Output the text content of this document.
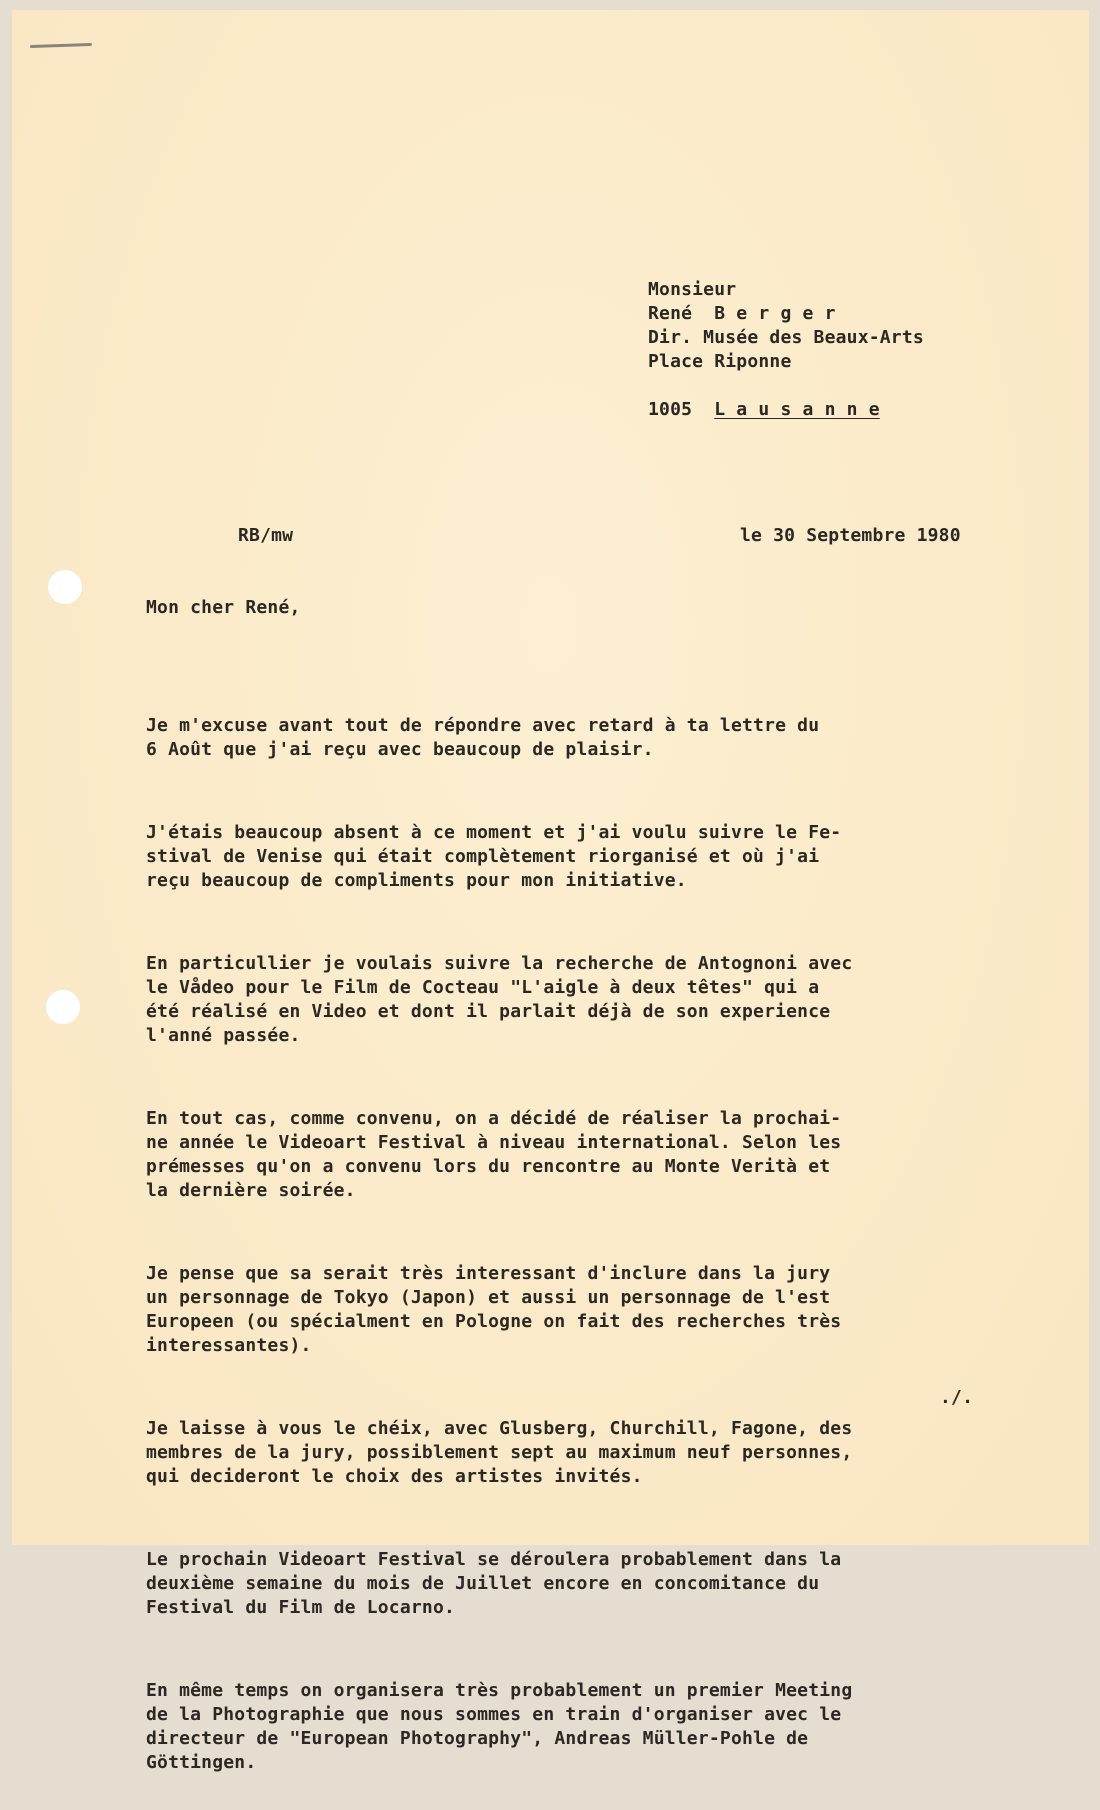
Monsieur
René  B e r g e r
Dir. Musée des Beaux-Arts
Place Riponne
1005 L a u s a n n e
RB/mw	le 30 Septembre 1980
Mon cher René,

Je m'excuse avant tout de répondre avec retard à ta lettre du
6 Août que j'ai reçu avec beaucoup de plaisir.

J'étais beaucoup absent à ce moment et j'ai voulu suivre le Fe-
stival de Venise qui était complètement riorganisé et où j'ai
reçu beaucoup de compliments pour mon initiative.

En particullier je voulais suivre la recherche de Antognoni avec
le Vådeo pour le Film de Cocteau "L'aigle à deux têtes" qui a
été réalisé en Video et dont il parlait déjà de son experience
l'anné passée.

En tout cas, comme convenu, on a décidé de réaliser la prochai-
ne année le Videoart Festival à niveau international. Selon les
prémesses qu'on a convenu lors du rencontre au Monte Verità et
la dernière soirée.

Je pense que sa serait très interessant d'inclure dans la jury
un personnage de Tokyo (Japon) et aussi un personnage de l'est
Europeen (ou spécialment en Pologne on fait des recherches très
interessantes).

Je laisse à vous le chéix, avec Glusberg, Churchill, Fagone, des
membres de la jury, possiblement sept au maximum neuf personnes,
qui decideront le choix des artistes invités.

Le prochain Videoart Festival se déroulera probablement dans la
deuxième semaine du mois de Juillet encore en concomitance du
Festival du Film de Locarno.

En même temps on organisera très probablement un premier Meeting
de la Photographie que nous sommes en train d'organiser avec le
directeur de "European Photography", Andreas Müller-Pohle de
Göttingen.

./.
